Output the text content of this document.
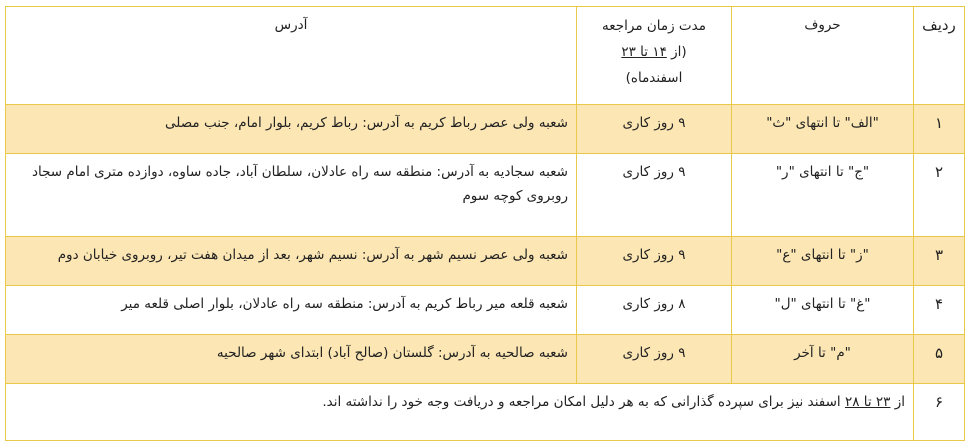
ردیف	حروف	مدت زمان مراجعه
(از ۱۴ تا ۲۳
اسفندماه)	آدرس
۱	"الف" تا انتهای "ث"	۹ روز کاری	شعبه ولی عصر رباط کریم به آدرس: رباط کریم، بلوار امام، جنب مصلی
۲	"ج" تا انتهای "ر"	۹ روز کاری	شعبه سجادیه به آدرس: منطقه سه راه عادلان، سلطان آباد، جاده ساوه، دوازده متری امام سجاد روبروی کوچه سوم
۳	"ز" تا انتهای "ع"	۹ روز کاری	شعبه ولی عصر نسیم شهر به آدرس: نسیم شهر، بعد از میدان هفت تیر، روبروی خیابان دوم
۴	"غ" تا انتهای "ل"	۸ روز کاری	شعبه قلعه میر رباط کریم به آدرس: منطقه سه راه عادلان، بلوار اصلی قلعه میر
۵	"م" تا آخر	۹ روز کاری	شعبه صالحیه به آدرس: گلستان (صالح آباد) ابتدای شهر صالحیه
۶	از ۲۳ تا ۲۸ اسفند نیز برای سپرده گذارانی که به هر دلیل امکان مراجعه و دریافت وجه خود را نداشته اند.		
